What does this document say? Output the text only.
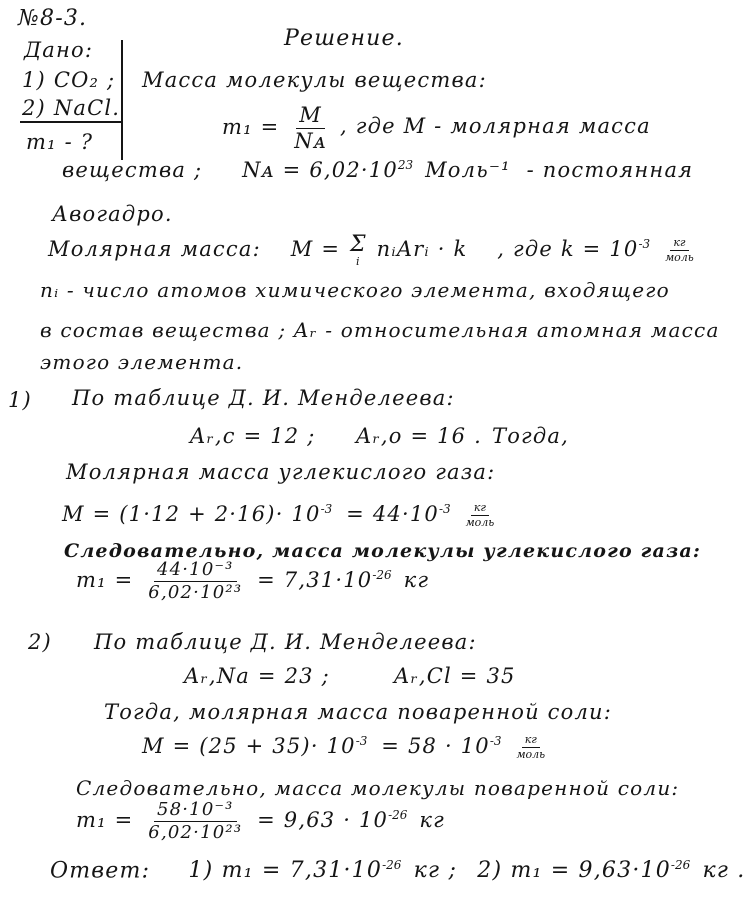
№8-3.
Решение.
Дано:
1) CO₂ ;
2) NaCl.
m₁ - ?
Масса молекулы вещества:
$m_1 = \frac{M}{\text{Nᴀ}}$ , где M - молярная масса
вещества ; Nᴀ = $6,02\cdot 10^{23}$ Моль⁻¹ - постоянная
Авогадро.
Молярная масса: M = Σ
i
nᵢArᵢ · k , где $k = 10^{-3} \frac{кг}{\text{моль}}$
nᵢ - число атомов химического элемента, входящего
в состав вещества ; Aᵣ - относительная атомная масса
этого элемента.
1) По таблице Д. И. Менделеева:
Aᵣ,c = 12 ; Aᵣ,o = 16 . Тогда,
Молярная масса углекислого газа:
$M = (1\cdot 12 + 2\cdot 16)\cdot 10^{-3} = 44\cdot 10^{-3} \frac{кг}{\text{моль}}$
Следовательно, масса молекулы углекислого газа:
$m_1 = \frac{\text{44·10⁻³}}{\text{6,02·10²³}} = 7,31\cdot 10^{-26}$ кг
2) По таблице Д. И. Менделеева:
Aᵣ,Na = 23 ;	Aᵣ,Cl = 35
Тогда, молярная масса поваренной соли:
$M = (25 + 35)\cdot 10^{-3} = 58 \cdot 10^{-3} \frac{кг}{\text{моль}}$
Следовательно, масса молекулы поваренной соли:
$m_1 = \frac{\text{58·10⁻³}}{\text{6,02·10²³}} = 9,63 \cdot 10^{-26}$ кг
Ответ: 1) $m_1 = 7,31\cdot 10^{-26}$ кг ; 2) $m_1 = 9,63\cdot 10^{-26}$ кг .
